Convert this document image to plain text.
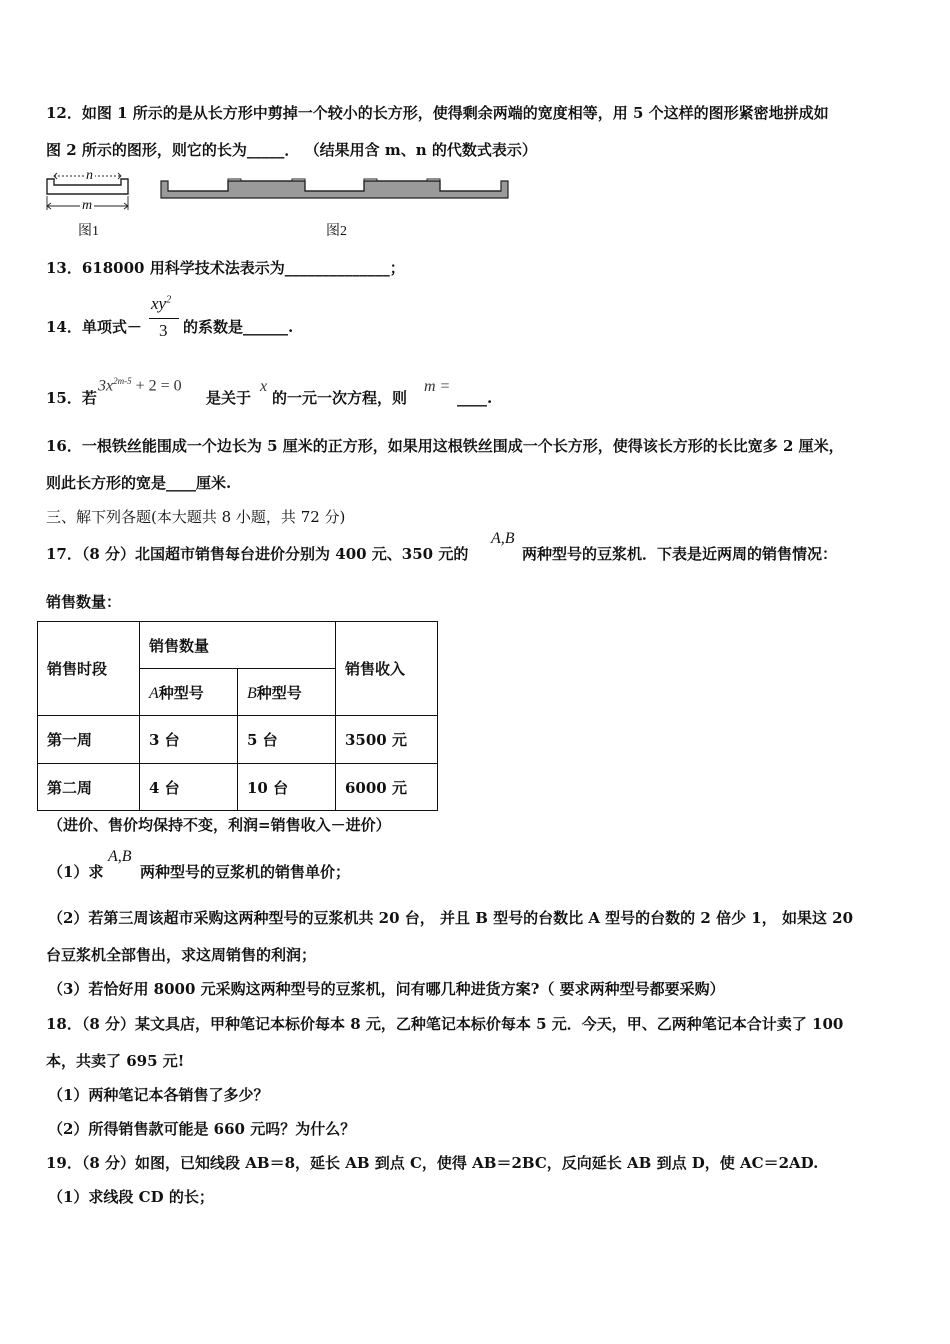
12．如图 1 所示的是从长方形中剪掉一个较小的长方形，使得剩余两端的宽度相等，用 5 个这样的图形紧密地拼成如
图 2 所示的图形，则它的长为_____． （结果用含 m、n 的代数式表示）
n
m
图1	图2
13．618000 用科学技术法表示为______________；
14．单项式－
$xy^2$
3 的系数是______.
15．若
$3x^{2m-5} + 2 = 0$
是关于
x
的一元一次方程，则
m =
____.
16．一根铁丝能围成一个边长为 5 厘米的正方形，如果用这根铁丝围成一个长方形，使得该长方形的长比宽多 2 厘米，
则此长方形的宽是____厘米.
三、解下列各题(本大题共 8 小题，共 72 分)
17．（8 分）北国超市销售每台进价分别为 400 元、350 元的
A,B
两种型号的豆浆机．下表是近两周的销售情况：
销售数量：
销售时段	销售数量		销售收入
	A种型号	B种型号	
第一周	3 台	5 台	3500 元
第二周	4 台	10 台	6000 元
（进价、售价均保持不变，利润=销售收入－进价）
（1）求
A,B
两种型号的豆浆机的销售单价；
（2）若第三周该超市采购这两种型号的豆浆机共 20 台， 并且 B 型号的台数比 A 型号的台数的 2 倍少 1， 如果这 20
台豆浆机全部售出，求这周销售的利润；
（3）若恰好用 8000 元采购这两种型号的豆浆机，问有哪几种进货方案?（ 要求两种型号都要采购）
18．（8 分）某文具店，甲种笔记本标价每本 8 元，乙种笔记本标价每本 5 元．今天，甲、乙两种笔记本合计卖了 100
本，共卖了 695 元!
（1）两种笔记本各销售了多少？
（2）所得销售款可能是 660 元吗？为什么？
19．（8 分）如图，已知线段 AB＝8，延长 AB 到点 C，使得 AB＝2BC，反向延长 AB 到点 D，使 AC＝2AD.
（1）求线段 CD 的长；
